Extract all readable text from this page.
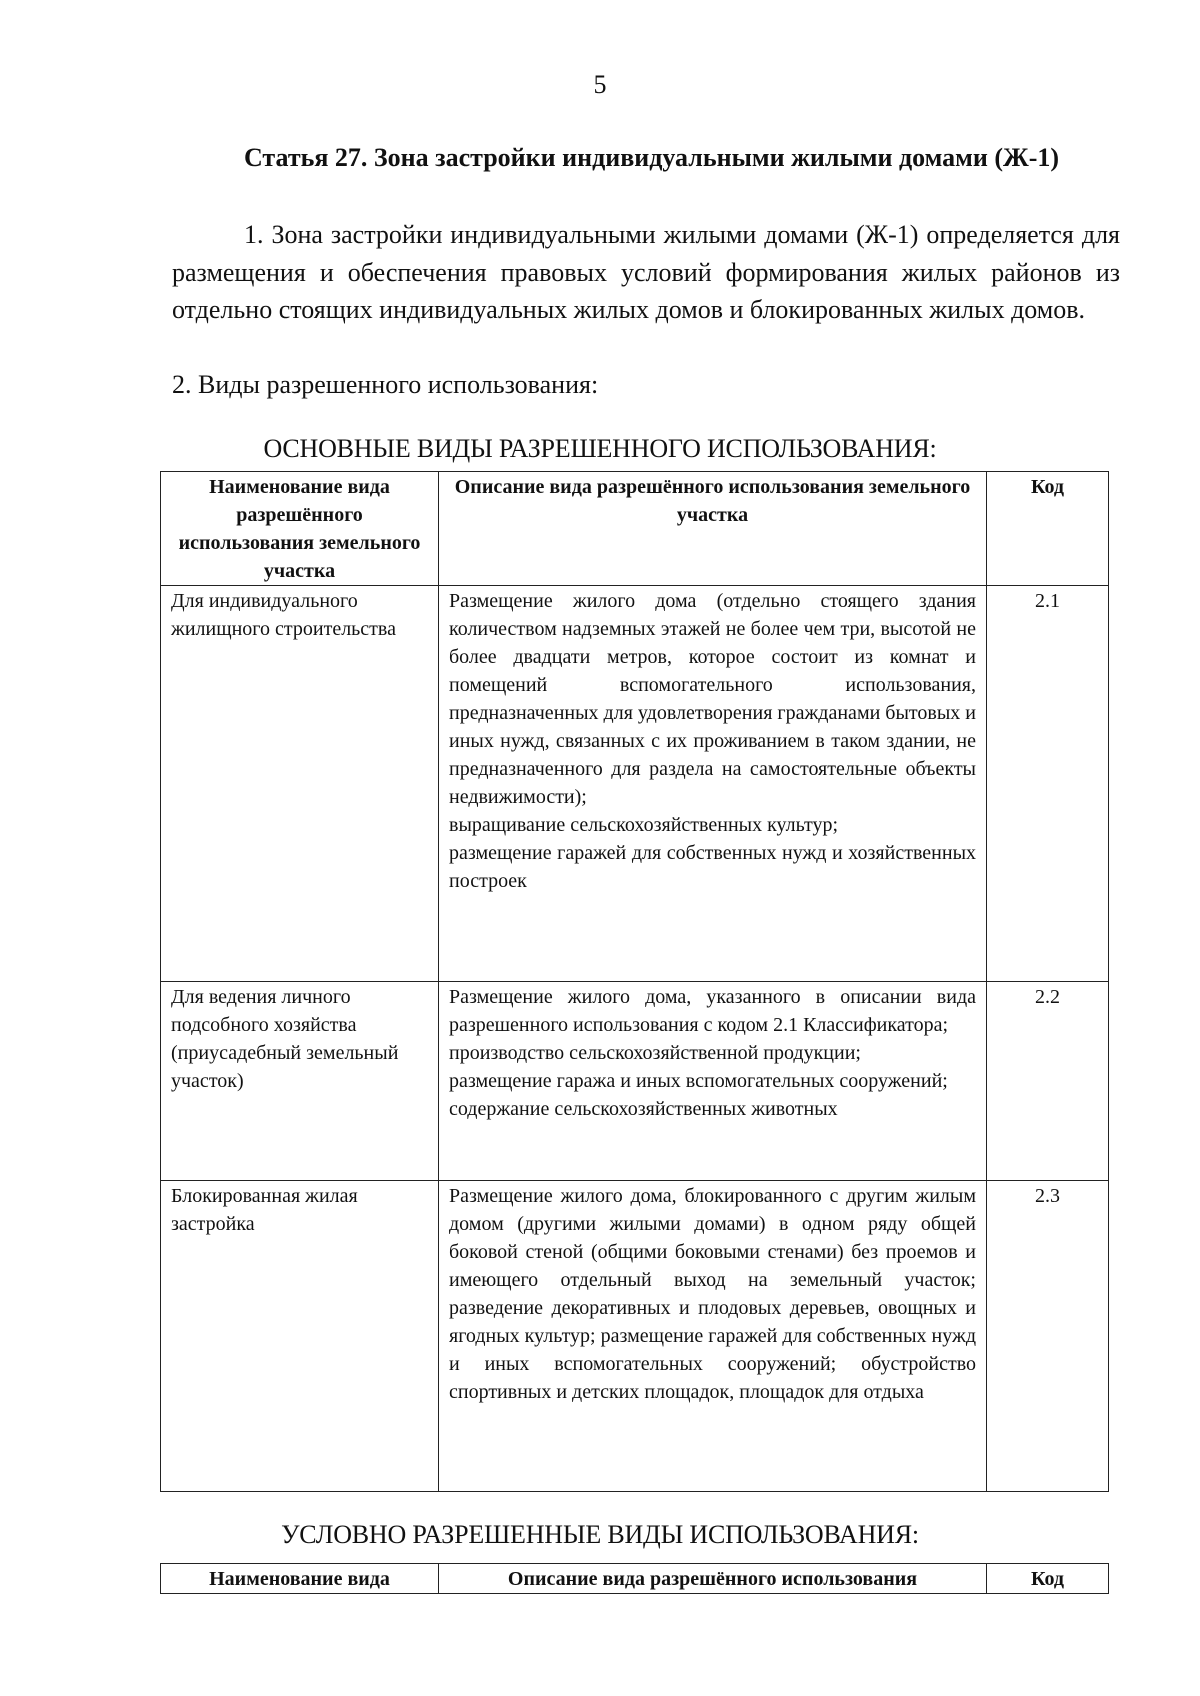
5
Статья 27. Зона застройки индивидуальными жилыми домами (Ж-1)
1. Зона застройки индивидуальными жилыми домами (Ж-1) определяется для размещения и обеспечения правовых условий формирования жилых районов из отдельно стоящих индивидуальных жилых домов и блокированных жилых домов.
2. Виды разрешенного использования:
ОСНОВНЫЕ ВИДЫ РАЗРЕШЕННОГО ИСПОЛЬЗОВАНИЯ:
Наименование вида разрешённого использования земельного участка	Описание вида разрешённого использования земельного участка	Код
Для индивидуального жилищного строительства	Размещение жилого дома (отдельно стоящего здания количеством надземных этажей не более чем три, высотой не более двадцати метров, которое состоит из комнат и помещений вспомогательного использования, предназначенных для удовлетворения гражданами бытовых и иных нужд, связанных с их проживанием в таком здании, не предназначенного для раздела на самостоятельные объекты недвижимости);
выращивание сельскохозяйственных культур;
размещение гаражей для собственных нужд и хозяйственных построек	2.1
Для ведения личного подсобного хозяйства (приусадебный земельный участок)	Размещение жилого дома, указанного в описании вида разрешенного использования с кодом 2.1 Классификатора;
производство сельскохозяйственной продукции;
размещение гаража и иных вспомогательных сооружений;
содержание сельскохозяйственных животных	2.2
Блокированная жилая застройка	Размещение жилого дома, блокированного с другим жилым домом (другими жилыми домами) в одном ряду общей боковой стеной (общими боковыми стенами) без проемов и имеющего отдельный выход на земельный участок; разведение декоративных и плодовых деревьев, овощных и ягодных культур; размещение гаражей для собственных нужд и иных вспомогательных сооружений; обустройство спортивных и детских площадок, площадок для отдыха	2.3
УСЛОВНО РАЗРЕШЕННЫЕ ВИДЫ ИСПОЛЬЗОВАНИЯ:
Наименование вида	Описание вида разрешённого использования	Код
